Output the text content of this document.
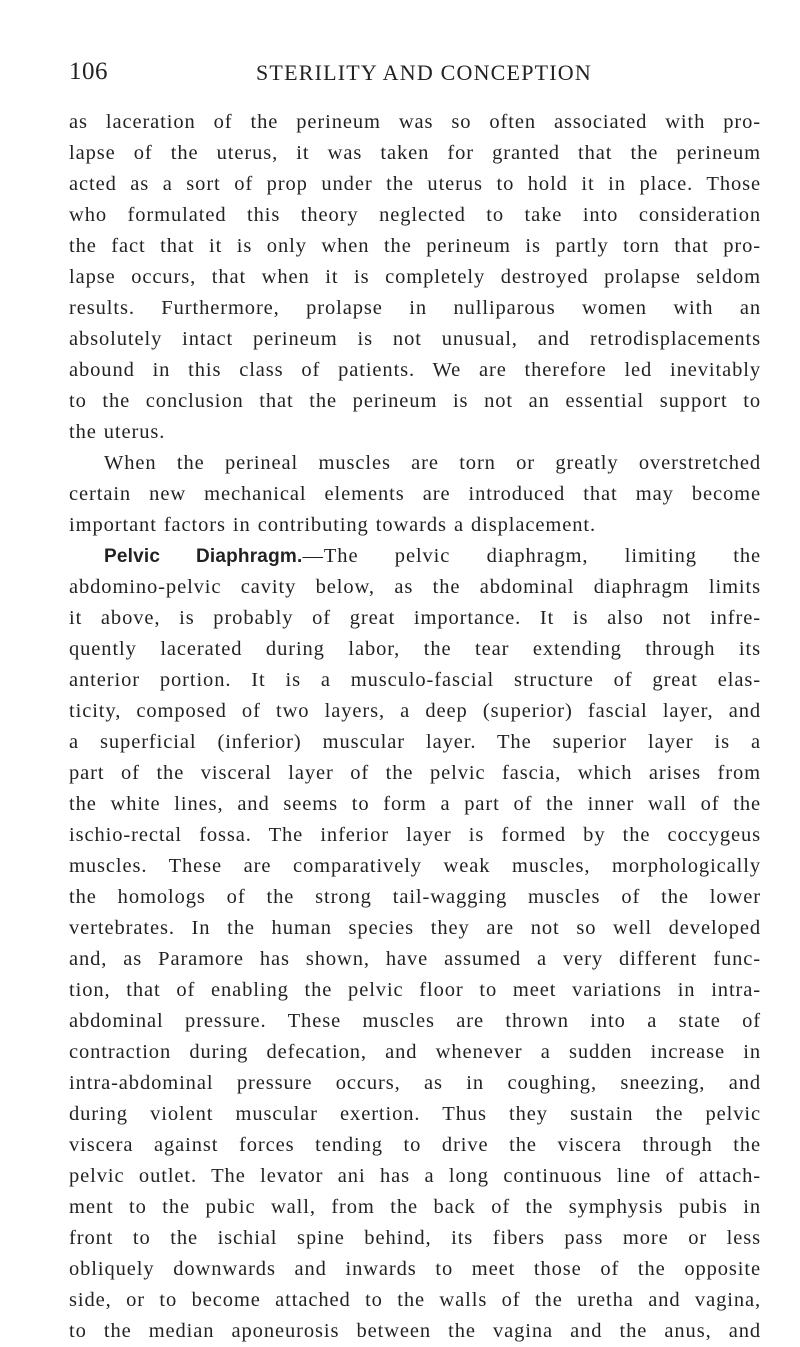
106	STERILITY AND CONCEPTION
as laceration of the perineum was so often associated with pro-
lapse of the uterus, it was taken for granted that the perineum
acted as a sort of prop under the uterus to hold it in place. Those
who formulated this theory neglected to take into consideration
the fact that it is only when the perineum is partly torn that pro-
lapse occurs, that when it is completely destroyed prolapse seldom
results. Furthermore, prolapse in nulliparous women with an
absolutely intact perineum is not unusual, and retrodisplacements
abound in this class of patients. We are therefore led inevitably
to the conclusion that the perineum is not an essential support to
the uterus.
When the perineal muscles are torn or greatly overstretched
certain new mechanical elements are introduced that may become
important factors in contributing towards a displacement.
Pelvic Diaphragm.—The pelvic diaphragm, limiting the
abdomino-pelvic cavity below, as the abdominal diaphragm limits
it above, is probably of great importance. It is also not infre-
quently lacerated during labor, the tear extending through its
anterior portion. It is a musculo-fascial structure of great elas-
ticity, composed of two layers, a deep (superior) fascial layer, and
a superficial (inferior) muscular layer. The superior layer is a
part of the visceral layer of the pelvic fascia, which arises from
the white lines, and seems to form a part of the inner wall of the
ischio-rectal fossa. The inferior layer is formed by the coccygeus
muscles. These are comparatively weak muscles, morphologically
the homologs of the strong tail-wagging muscles of the lower
vertebrates. In the human species they are not so well developed
and, as Paramore has shown, have assumed a very different func-
tion, that of enabling the pelvic floor to meet variations in intra-
abdominal pressure. These muscles are thrown into a state of
contraction during defecation, and whenever a sudden increase in
intra-abdominal pressure occurs, as in coughing, sneezing, and
during violent muscular exertion. Thus they sustain the pelvic
viscera against forces tending to drive the viscera through the
pelvic outlet. The levator ani has a long continuous line of attach-
ment to the pubic wall, from the back of the symphysis pubis in
front to the ischial spine behind, its fibers pass more or less
obliquely downwards and inwards to meet those of the opposite
side, or to become attached to the walls of the uretha and vagina,
to the median aponeurosis between the vagina and the anus, and
